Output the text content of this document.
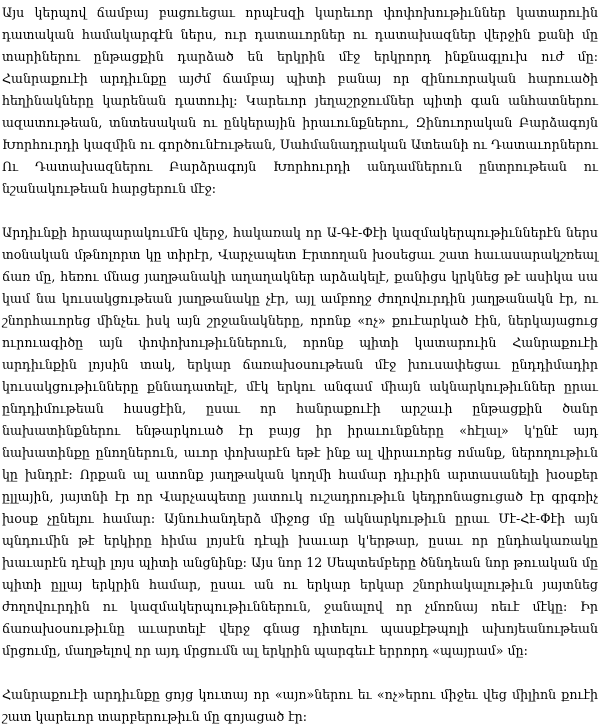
Այս կերպով ճամբայ բացուեցաւ որպէսզի կարեւոր փոփոխութիւններ կատարուին դատական համակարգէն ներս, ուր դատաւորներ ու դատախազներ վերջին քանի մը տարիներու ընթացքին դարձած են երկրին մէջ երկրորդ ինքնագլուխ ուժ մը: Հանրաքուէի արդիւնքը այժմ ճամբայ պիտի բանայ որ զինուորական հարուածի հեղինակները կարենան դատուիլ: Կարեւոր յեղաշրջումներ պիտի գան անհատներու ազատութեան, տնտեսական ու ընկերային իրաւունքներու, Զինուորական Բարձագոյն Խորհուրդի կազմին ու գործունէութեան, Սահմանադրական Ատեանի ու Դատաւորներու Ու Դատախազներու Բարձրագոյն Խորհուրդի անդամներուն ընտրութեան ու նշանակութեան հարցերուն մէջ:

Արդիւնքի հրապարակումէն վերջ, հակառակ որ Ա-Գէ-Փէի կազմակերպութիւններէն ներս տօնական մթնոլորտ կը տիրէր, Վարչապետ Էրտողան խօսեցաւ շատ հաւասարակշռեալ ճառ մը, հեռու մնաց յաղթանակի աղաղակներ արձակելէ, քանիցս կրկնեց թէ ասիկա սա կամ նա կուսակցութեան յաղթանակը չէր, այլ ամբողջ ժողովուրդին յաղթանակն էր, ու շնորհաւորեց մինչեւ իսկ այն շրջանակները, որոնք «ոչ» քուէարկած էին, ներկայացուց ուրուագիծը այն փոփոխութիւններուն, որոնք պիտի կատարուին Հանրաքուէի արդիւնքին լոյսին տակ, երկար ճառախօսութեան մէջ խուսափեցաւ ընդդիմադիր կուսակցութիւնները քննադատելէ, մէկ երկու անգամ միայն ակնարկութիւններ ըրաւ ընդդիմութեան հասցէին, ըսաւ որ հանրաքուէի արշաւի ընթացքին ծանր նախատինքներու ենթարկուած էր բայց իր իրաւունքները «հէլալ» կ'ընէ այդ նախատինքը ընողներուն, աւոր փոխարէն եթէ ինք ալ վիրաւորեց ոմանք, ներողութիւն կը խնդրէ: Որքան ալ ատոնք յաղթական կողմի համար դիւրին արտասանելի խօսքեր ըլլային, յայտնի էր որ Վարչապետը յատուկ ուշադրութիւն կեդրոնացուցած էր գրգռիչ խօսք չընելու համար: Այնուհանդերձ միջոց մը ակնարկութիւն ըրաւ Մէ-Հէ-Փէի այն պնդումին թէ երկիրը հիմա լոյսէն դէպի խաւար կ'երթար, ըսաւ որ ընդհակառակը խաւարէն դէպի լոյս պիտի անցնինք: Այս նոր 12 Սեպտեմբերը ծննդեան նոր թուական մը պիտի ըլլայ երկրին համար, ըսաւ ան ու երկար երկար շնորհակալութիւն յայտնեց ժողովուրդին ու կազմակերպութիւններուն, ջանալով որ չմոռնայ ոեւէ մէկը: Իր ճառախօսութիւնը աւարտելէ վերջ գնաց դիտելու պասքէթպոլի ախոյեանութեան մրցումը, մաղթելով որ այդ մրցումն ալ երկրին պարգեւէ երրորդ «պայրամ» մը:

Հանրաքուէի արդիւնքը ցոյց կուտայ որ «այո»ներու եւ «ոչ»երու միջեւ վեց միլիոն քուէի շատ կարեւոր տարբերութիւն մը գոյացած էր:
